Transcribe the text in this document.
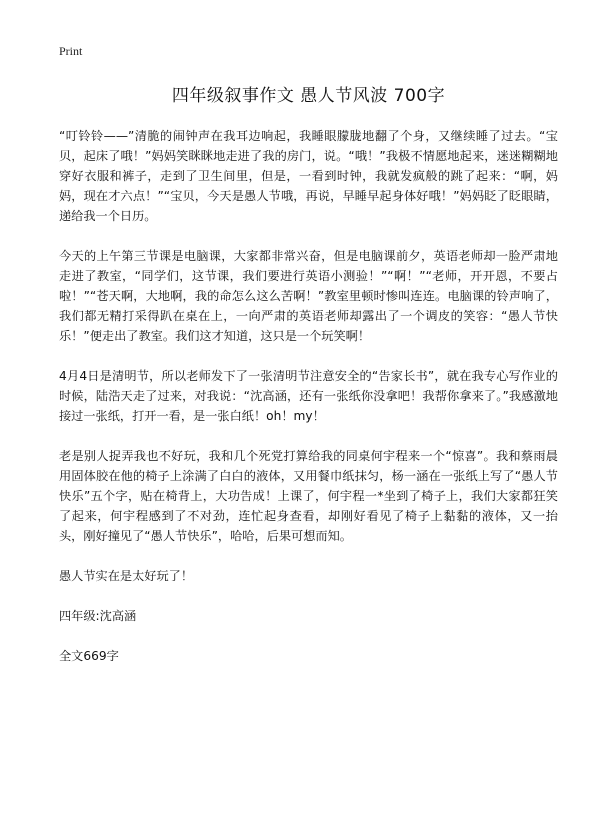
Print
四年级叙事作文 愚人节风波 700字

“叮铃铃——”清脆的闹钟声在我耳边响起，我睡眼朦胧地翻了个身，又继续睡了过去。“宝贝，起床了哦！”妈妈笑眯眯地走进了我的房门，说。“哦！”我极不情愿地起来，迷迷糊糊地穿好衣服和裤子，走到了卫生间里，但是，一看到时钟，我就发疯般的跳了起来：“啊，妈妈，现在才六点！”“宝贝，今天是愚人节哦，再说，早睡早起身体好哦！”妈妈眨了眨眼睛，递给我一个日历。

今天的上午第三节课是电脑课，大家都非常兴奋，但是电脑课前夕，英语老师却一脸严肃地走进了教室，“同学们，这节课，我们要进行英语小测验！”“啊！”“老师，开开恩，不要占啦！”“苍天啊，大地啊，我的命怎么这么苦啊！”教室里顿时惨叫连连。电脑课的铃声响了，我们都无精打采得趴在桌在上，一向严肃的英语老师却露出了一个调皮的笑容：“愚人节快乐！”便走出了教室。我们这才知道，这只是一个玩笑啊！

4月4日是清明节，所以老师发下了一张清明节注意安全的“告家长书”，就在我专心写作业的时候，陆浩天走了过来，对我说：“沈高涵，还有一张纸你没拿吧！我帮你拿来了。”我感激地接过一张纸，打开一看，是一张白纸！oh！my！

老是别人捉弄我也不好玩，我和几个死党打算给我的同桌何宇程来一个“惊喜”。我和蔡雨晨用固体胶在他的椅子上涂满了白白的液体，又用餐巾纸抹匀，杨一涵在一张纸上写了“愚人节快乐”五个字，贴在椅背上，大功告成！上课了，何宇程一*坐到了椅子上，我们大家都狂笑了起来，何宇程感到了不对劲，连忙起身查看，却刚好看见了椅子上黏黏的液体，又一抬头，刚好撞见了“愚人节快乐”，哈哈，后果可想而知。

愚人节实在是太好玩了！

四年级:沈高涵

全文669字
